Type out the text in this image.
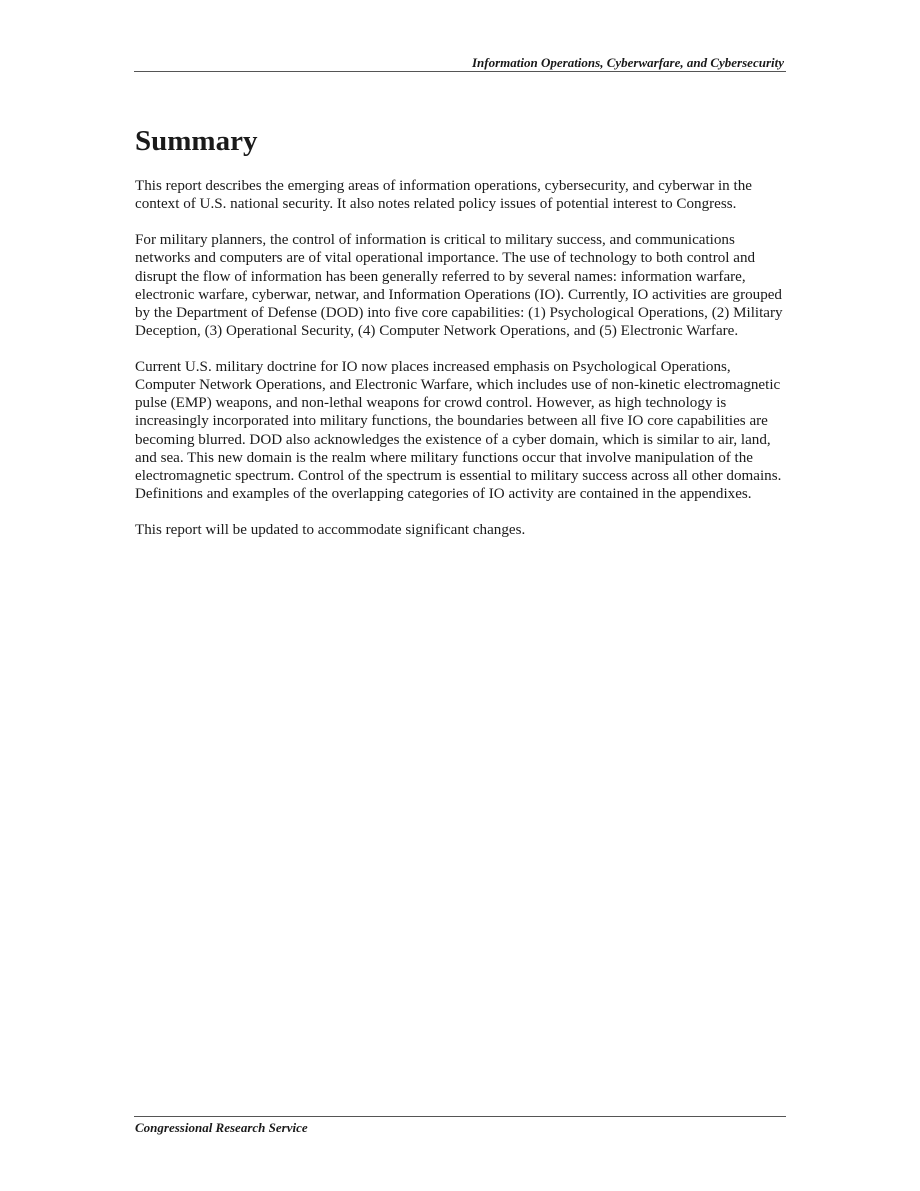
Information Operations, Cyberwarfare, and Cybersecurity
Summary

This report describes the emerging areas of information operations, cybersecurity, and cyberwar in the context of U.S. national security. It also notes related policy issues of potential interest to Congress.

For military planners, the control of information is critical to military success, and communications networks and computers are of vital operational importance. The use of technology to both control and disrupt the flow of information has been generally referred to by several names: information warfare, electronic warfare, cyberwar, netwar, and Information Operations (IO). Currently, IO activities are grouped by the Department of Defense (DOD) into five core capabilities: (1) Psychological Operations, (2) Military Deception, (3) Operational Security, (4) Computer Network Operations, and (5) Electronic Warfare.

Current U.S. military doctrine for IO now places increased emphasis on Psychological Operations, Computer Network Operations, and Electronic Warfare, which includes use of non-kinetic electromagnetic pulse (EMP) weapons, and non-lethal weapons for crowd control. However, as high technology is increasingly incorporated into military functions, the boundaries between all five IO core capabilities are becoming blurred. DOD also acknowledges the existence of a cyber domain, which is similar to air, land, and sea. This new domain is the realm where military functions occur that involve manipulation of the electromagnetic spectrum. Control of the spectrum is essential to military success across all other domains. Definitions and examples of the overlapping categories of IO activity are contained in the appendixes.

This report will be updated to accommodate significant changes.

Congressional Research Service
